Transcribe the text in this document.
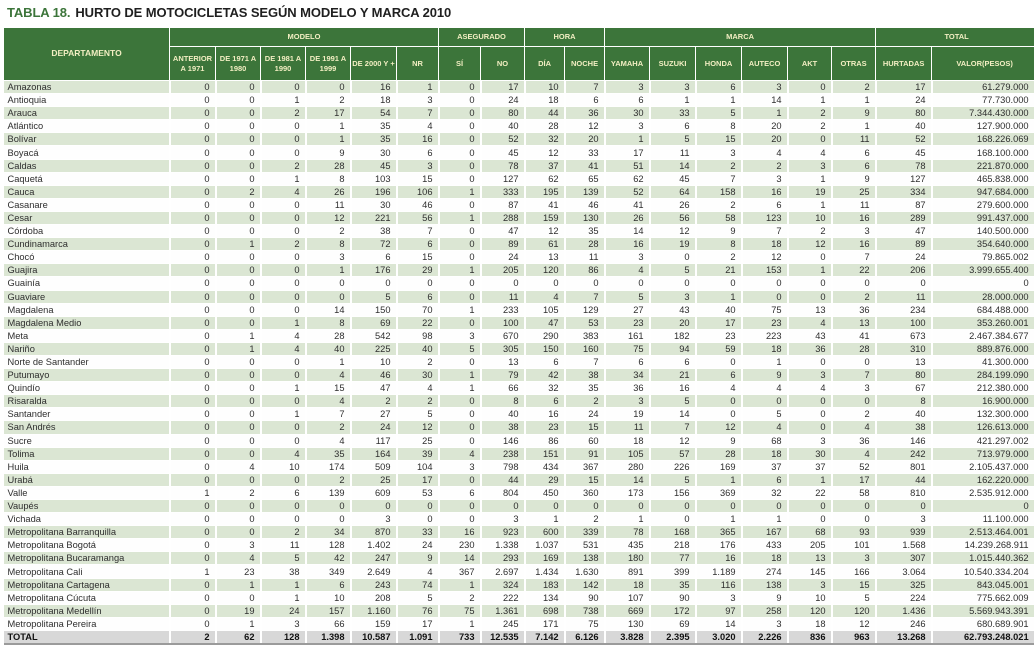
TABLA 18. HURTO DE MOTOCICLETAS SEGÚN MODELO Y MARCA 2010
DEPARTAMENTO	MODELO						ASEGURADO		HORA		MARCA						TOTAL	
	ANTERIOR A 1971	DE 1971 A 1980	DE 1981 A 1990	DE 1991 A 1999	DE 2000 Y +	NR	SÍ	NO	DÍA	NOCHE	YAMAHA	SUZUKI	HONDA	AUTECO	AKT	OTRAS	HURTADAS	VALOR(PESOS)
Amazonas	0	0	0	0	16	1	0	17	10	7	3	3	6	3	0	2	17	61.279.000
Antioquia	0	0	1	2	18	3	0	24	18	6	6	1	1	14	1	1	24	77.730.000
Arauca	0	0	2	17	54	7	0	80	44	36	30	33	5	1	2	9	80	7.344.430.000
Atlántico	0	0	0	1	35	4	0	40	28	12	3	6	8	20	2	1	40	127.900.000
Bolívar	0	0	0	1	35	16	0	52	32	20	1	5	15	20	0	11	52	168.226.069
Boyacá	0	0	0	9	30	6	0	45	12	33	17	11	3	4	4	6	45	168.100.000
Caldas	0	0	2	28	45	3	0	78	37	41	51	14	2	2	3	6	78	221.870.000
Caquetá	0	0	1	8	103	15	0	127	62	65	62	45	7	3	1	9	127	465.838.000
Cauca	0	2	4	26	196	106	1	333	195	139	52	64	158	16	19	25	334	947.684.000
Casanare	0	0	0	11	30	46	0	87	41	46	41	26	2	6	1	11	87	279.600.000
Cesar	0	0	0	12	221	56	1	288	159	130	26	56	58	123	10	16	289	991.437.000
Córdoba	0	0	0	2	38	7	0	47	12	35	14	12	9	7	2	3	47	140.500.000
Cundinamarca	0	1	2	8	72	6	0	89	61	28	16	19	8	18	12	16	89	354.640.000
Chocó	0	0	0	3	6	15	0	24	13	11	3	0	2	12	0	7	24	79.865.002
Guajira	0	0	0	1	176	29	1	205	120	86	4	5	21	153	1	22	206	3.999.655.400
Guainía	0	0	0	0	0	0	0	0	0	0	0	0	0	0	0	0	0	0
Guaviare	0	0	0	0	5	6	0	11	4	7	5	3	1	0	0	2	11	28.000.000
Magdalena	0	0	0	14	150	70	1	233	105	129	27	43	40	75	13	36	234	684.488.000
Magdalena Medio	0	0	1	8	69	22	0	100	47	53	23	20	17	23	4	13	100	353.260.001
Meta	0	1	4	28	542	98	3	670	290	383	161	182	23	223	43	41	673	2.467.384.677
Nariño	0	1	4	40	225	40	5	305	150	160	75	94	59	18	36	28	310	889.876.000
Norte de Santander	0	0	0	1	10	2	0	13	6	7	6	6	0	1	0	0	13	41.300.000
Putumayo	0	0	0	4	46	30	1	79	42	38	34	21	6	9	3	7	80	284.199.090
Quindío	0	0	1	15	47	4	1	66	32	35	36	16	4	4	4	3	67	212.380.000
Risaralda	0	0	0	4	2	2	0	8	6	2	3	5	0	0	0	0	8	16.900.000
Santander	0	0	1	7	27	5	0	40	16	24	19	14	0	5	0	2	40	132.300.000
San Andrés	0	0	0	2	24	12	0	38	23	15	11	7	12	4	0	4	38	126.613.000
Sucre	0	0	0	4	117	25	0	146	86	60	18	12	9	68	3	36	146	421.297.002
Tolima	0	0	4	35	164	39	4	238	151	91	105	57	28	18	30	4	242	713.979.000
Huila	0	4	10	174	509	104	3	798	434	367	280	226	169	37	37	52	801	2.105.437.000
Urabá	0	0	0	2	25	17	0	44	29	15	14	5	1	6	1	17	44	162.220.000
Valle	1	2	6	139	609	53	6	804	450	360	173	156	369	32	22	58	810	2.535.912.000
Vaupés	0	0	0	0	0	0	0	0	0	0	0	0	0	0	0	0	0	0
Vichada	0	0	0	0	3	0	0	3	1	2	1	0	1	1	0	0	3	11.100.000
Metropolitana Barranquilla	0	0	2	34	870	33	16	923	600	339	78	168	365	167	68	93	939	2.513.464.001
Metropolitana Bogotá	0	3	11	128	1.402	24	230	1.338	1.037	531	435	218	176	433	205	101	1.568	14.239.268.911
Metropolitana Bucaramanga	0	4	5	42	247	9	14	293	169	138	180	77	16	18	13	3	307	1.015.440.362
Metropolitana Cali	1	23	38	349	2.649	4	367	2.697	1.434	1.630	891	399	1.189	274	145	166	3.064	10.540.334.204
Metropolitana Cartagena	0	1	1	6	243	74	1	324	183	142	18	35	116	138	3	15	325	843.045.001
Metropolitana Cúcuta	0	0	1	10	208	5	2	222	134	90	107	90	3	9	10	5	224	775.662.009
Metropolitana Medellín	0	19	24	157	1.160	76	75	1.361	698	738	669	172	97	258	120	120	1.436	5.569.943.391
Metropolitana Pereira	0	1	3	66	159	17	1	245	171	75	130	69	14	3	18	12	246	680.689.901
TOTAL	2	62	128	1.398	10.587	1.091	733	12.535	7.142	6.126	3.828	2.395	3.020	2.226	836	963	13.268	62.793.248.021
